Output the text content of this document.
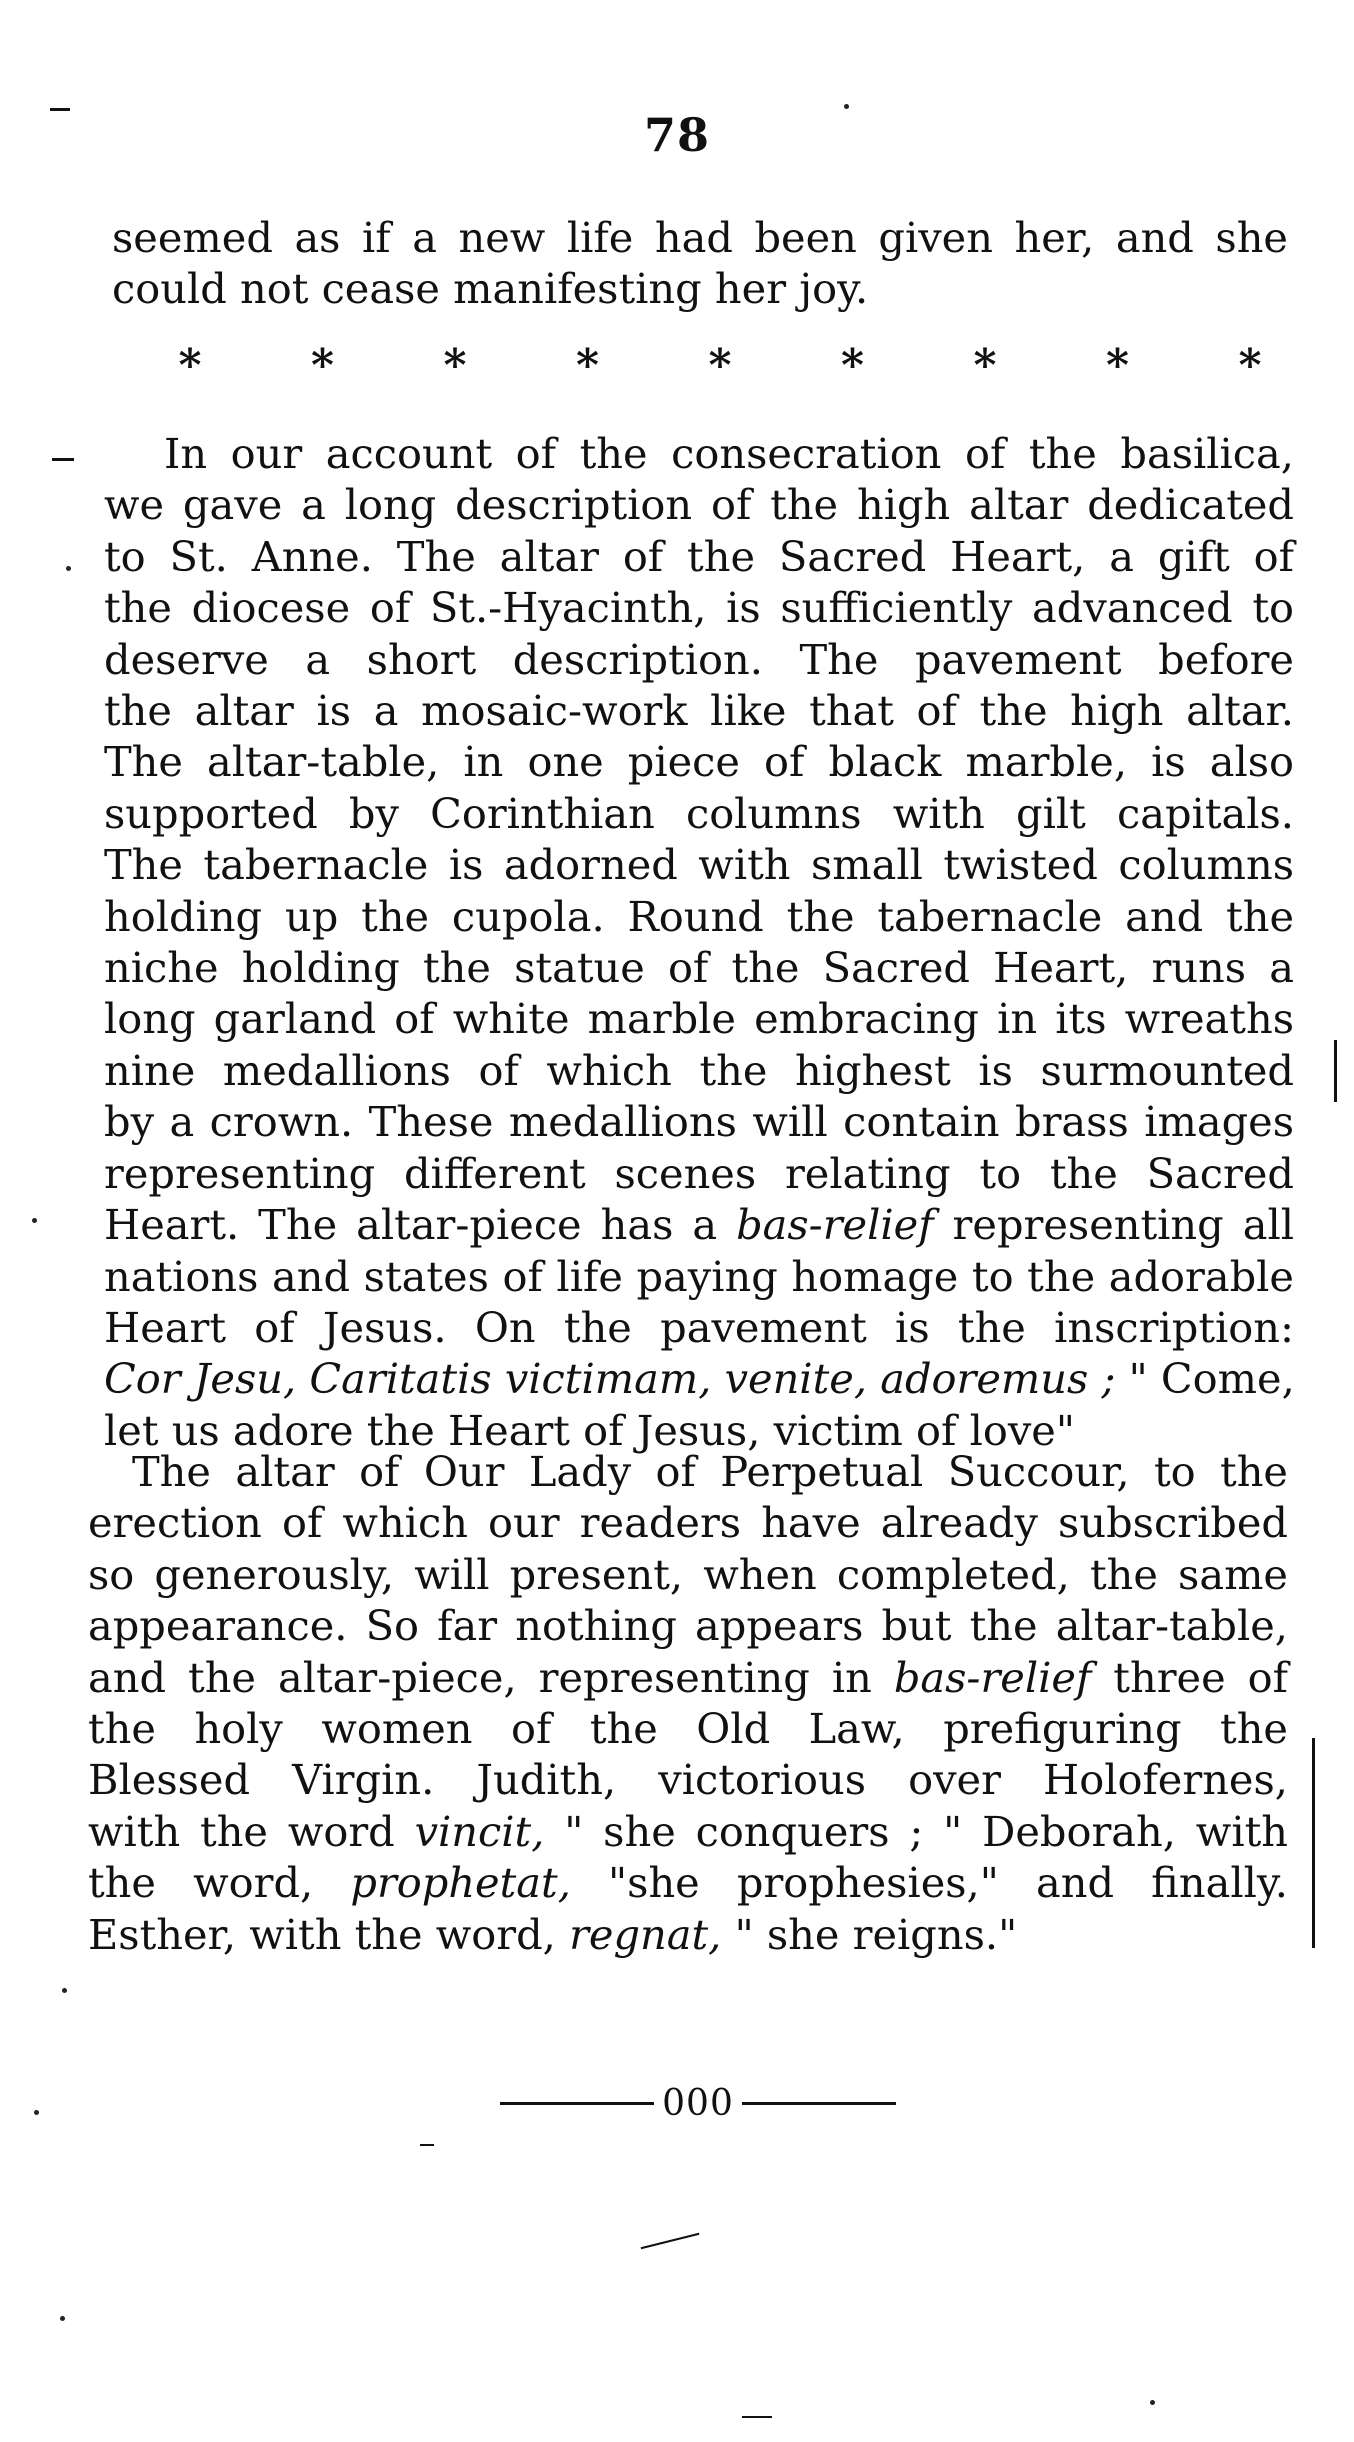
78
seemed as if a new life had been given her, and she
could not cease manifesting her joy.
* * * * * * * * *
In our account of the consecration of the basilica,
we gave a long description of the high altar dedicated
to St. Anne. The altar of the Sacred Heart, a gift of
the diocese of St.-Hyacinth, is sufficiently advanced to
deserve a short description. The pavement before
the altar is a mosaic-work like that of the high altar.
The altar-table, in one piece of black marble, is also
supported by Corinthian columns with gilt capitals.
The tabernacle is adorned with small twisted columns
holding up the cupola. Round the tabernacle and the
niche holding the statue of the Sacred Heart, runs a
long garland of white marble embracing in its wreaths
nine medallions of which the highest is surmounted
by a crown. These medallions will contain brass images
representing different scenes relating to the Sacred
Heart. The altar-piece has a bas-relief representing all
nations and states of life paying homage to the adorable
Heart of Jesus. On the pavement is the inscription:
Cor Jesu, Caritatis victimam, venite, adoremus ; " Come,
let us adore the Heart of Jesus, victim of love"
The altar of Our Lady of Perpetual Succour, to the
erection of which our readers have already subscribed
so generously, will present, when completed, the same
appearance. So far nothing appears but the altar-table,
and the altar-piece, representing in bas-relief three of
the holy women of the Old Law, prefiguring the
Blessed Virgin. Judith, victorious over Holofernes,
with the word vincit, " she conquers ; " Deborah, with
the word, prophetat, "she prophesies," and finally.
Esther, with the word, regnat, " she reigns."
000
